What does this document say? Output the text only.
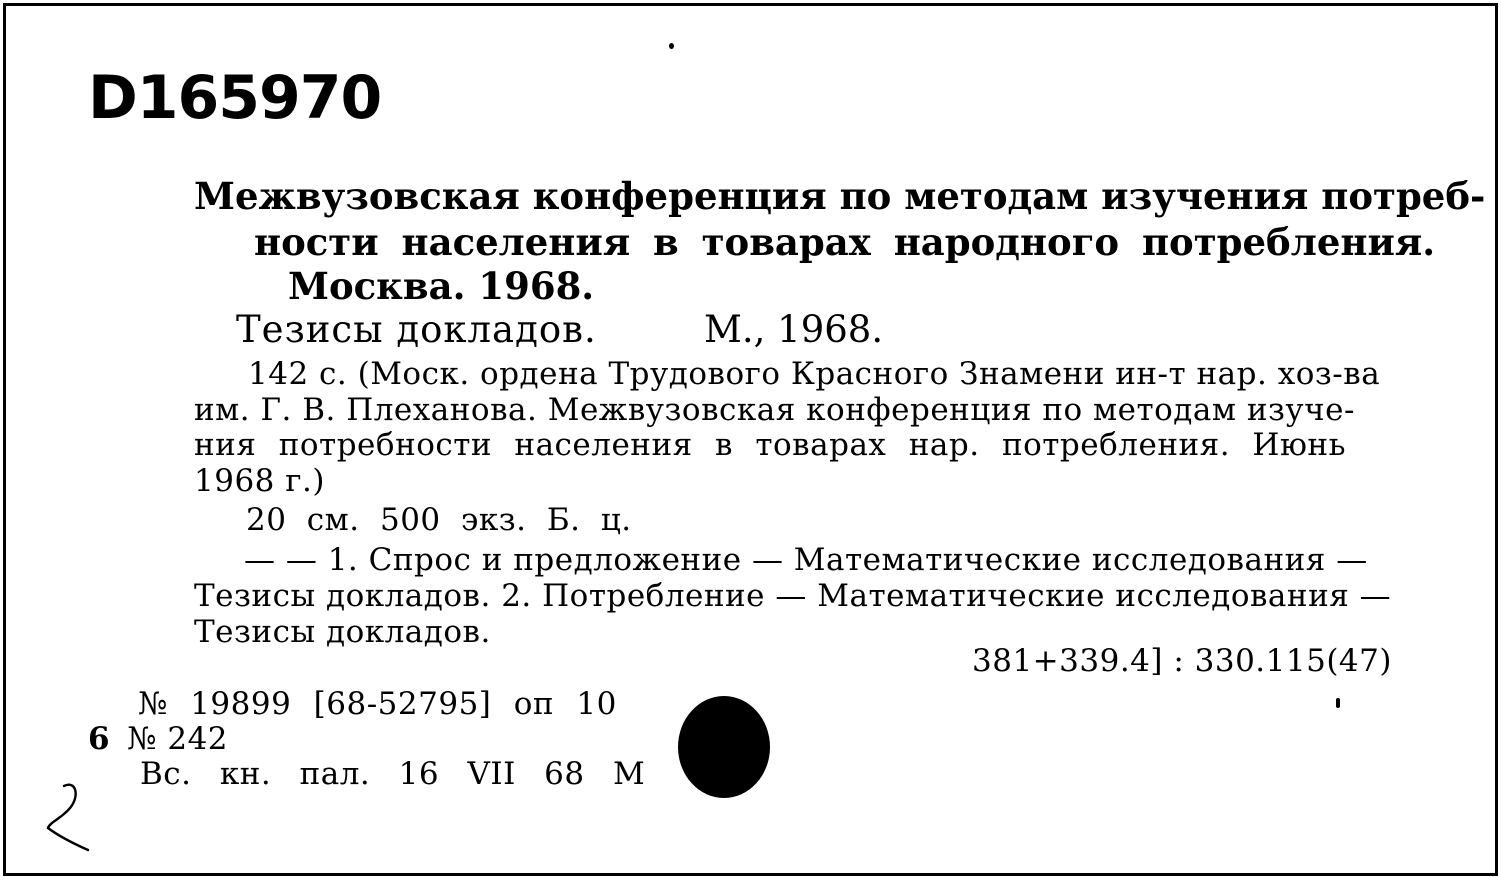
D165970
Межвузовская конференция по методам изучения потреб-
ности населения в товарах народного потребления.
Москва. 1968.
Тезисы докладов.	М., 1968.
142 с. (Моск. ордена Трудового Красного Знамени ин-т нар. хоз-ва
им. Г. В. Плеханова. Межвузовская конференция по методам изуче-
ния потребности населения в товарах нар. потребления. Июнь
1968 г.)
20 см. 500 экз. Б. ц.
— — 1. Спрос и предложение — Математические исследования —
Тезисы докладов. 2. Потребление — Математические исследования —
Тезисы докладов.
381+339.4] : 330.115(47)
№ 19899 [68-52795] оп 10
6 № 242
Вс. кн. пал. 16 VII 68 М
